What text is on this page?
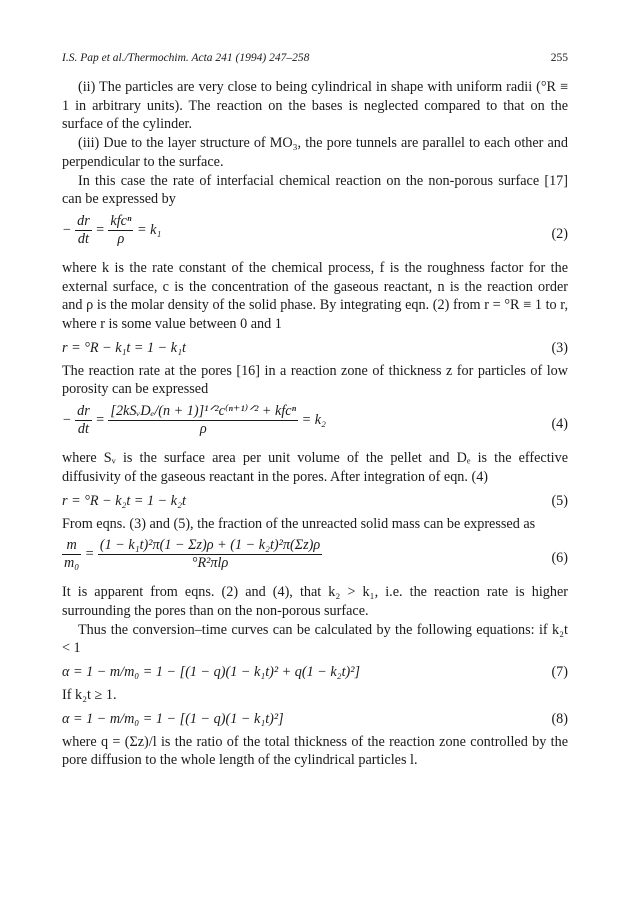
I.S. Pap et al./Thermochim. Acta 241 (1994) 247–258	255

(ii) The particles are very close to being cylindrical in shape with uniform radii (°R ≡ 1 in arbitrary units). The reaction on the bases is neglected compared to that on the surface of the cylinder.

(iii) Due to the layer structure of MO₃, the pore tunnels are parallel to each other and perpendicular to the surface.

In this case the rate of interfacial chemical reaction on the non-porous surface [17] can be expressed by

− $\frac{dr}{dt} = \frac{\text{kfcⁿ}}{\rho} = k_1$	(2)

where k is the rate constant of the chemical process, f is the roughness factor for the external surface, c is the concentration of the gaseous reactant, n is the reaction order and ρ is the molar density of the solid phase. By integrating eqn. (2) from r = °R ≡ 1 to r, where r is some value between 0 and 1

r = °R − k₁t = 1 − k₁t	(3)

The reaction rate at the pores [16] in a reaction zone of thickness z for particles of low porosity can be expressed

− $\frac{dr}{dt} = \frac{\text{[2kSᵥDₑ/(n + 1)]¹ᐟ²c⁽ⁿ⁺¹⁾ᐟ² + kfcⁿ}}{\rho} = k_2$	(4)

where Sᵥ is the surface area per unit volume of the pellet and Dₑ is the effective diffusivity of the gaseous reactant in the pores. After integration of eqn. (4)

r = °R − k₂t = 1 − k₂t	(5)

From eqns. (3) and (5), the fraction of the unreacted solid mass can be expressed as

$\frac{m}{\text{m₀}} = \frac{\text{(1 − k₁t)²π(1 − Σz)ρ + (1 − k₂t)²π(Σz)ρ}}{\text{°R²πlρ}}$	(6)

It is apparent from eqns. (2) and (4), that k₂ > k₁, i.e. the reaction rate is higher surrounding the pores than on the non-porous surface.

Thus the conversion–time curves can be calculated by the following equations: if k₂t < 1

α = 1 − m/m₀ = 1 − [(1 − q)(1 − k₁t)² + q(1 − k₂t)²]	(7)

If k₂t ≥ 1.

α = 1 − m/m₀ = 1 − [(1 − q)(1 − k₁t)²]	(8)

where q = (Σz)/l is the ratio of the total thickness of the reaction zone controlled by the pore diffusion to the whole length of the cylindrical particles l.
